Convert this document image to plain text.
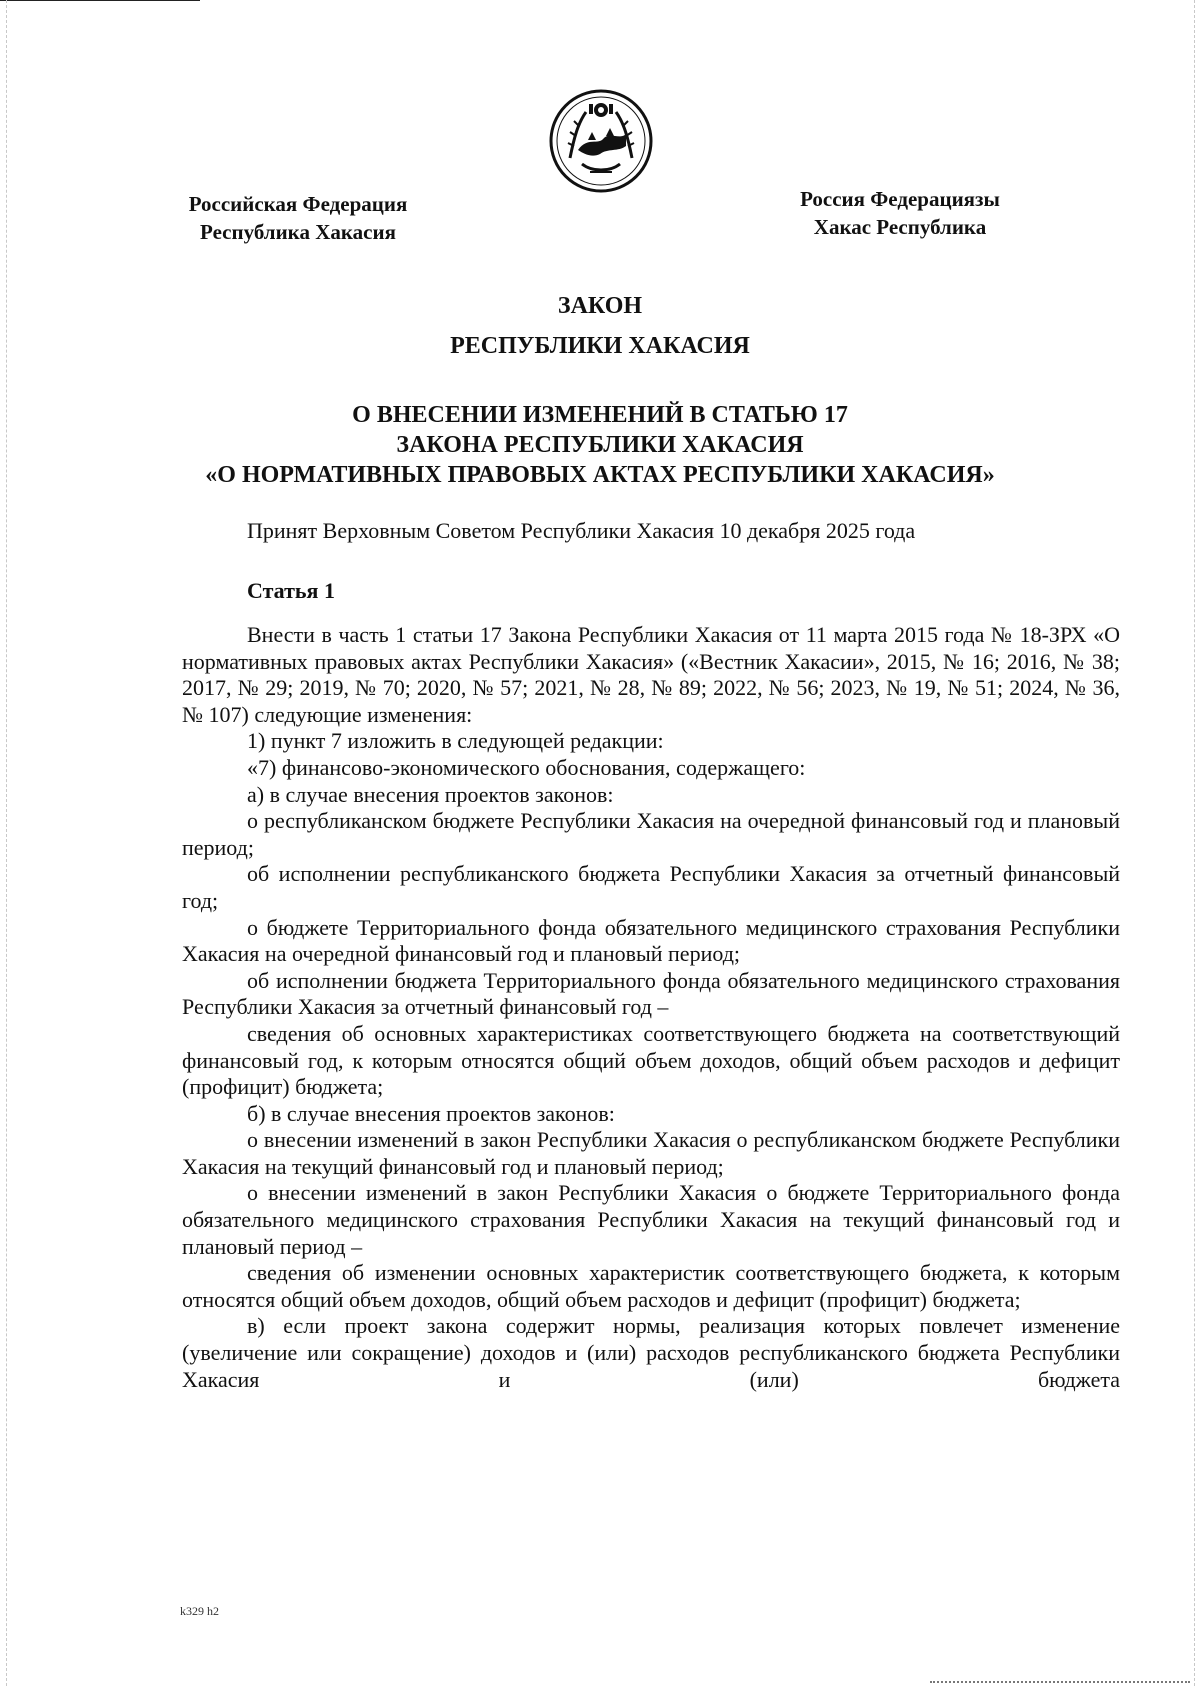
Российская Федерация
Республика Хакасия
Россия Федерациязы
Хакас Республика
ЗАКОН
РЕСПУБЛИКИ ХАКАСИЯ
О ВНЕСЕНИИ ИЗМЕНЕНИЙ В СТАТЬЮ 17
ЗАКОНА РЕСПУБЛИКИ ХАКАСИЯ
«О НОРМАТИВНЫХ ПРАВОВЫХ АКТАХ РЕСПУБЛИКИ ХАКАСИЯ»
Принят Верховным Советом Республики Хакасия 10 декабря 2025 года
Статья 1

Внести в часть 1 статьи 17 Закона Республики Хакасия от 11 марта 2015 года № 18-ЗРХ «О нормативных правовых актах Республики Хакасия» («Вестник Хакасии», 2015, № 16; 2016, № 38; 2017, № 29; 2019, № 70; 2020, № 57; 2021, № 28, № 89; 2022, № 56; 2023, № 19, № 51; 2024, № 36, № 107) следующие изменения:

1) пункт 7 изложить в следующей редакции:

«7) финансово-экономического обоснования, содержащего:

а) в случае внесения проектов законов:

о республиканском бюджете Республики Хакасия на очередной финансовый год и плановый период;

об исполнении республиканского бюджета Республики Хакасия за отчетный финансовый год;

о бюджете Территориального фонда обязательного медицинского страхования Республики Хакасия на очередной финансовый год и плановый период;

об исполнении бюджета Территориального фонда обязательного медицинского страхования Республики Хакасия за отчетный финансовый год –

сведения об основных характеристиках соответствующего бюджета на соответствующий финансовый год, к которым относятся общий объем доходов, общий объем расходов и дефицит (профицит) бюджета;

б) в случае внесения проектов законов:

о внесении изменений в закон Республики Хакасия о республиканском бюджете Республики Хакасия на текущий финансовый год и плановый период;

о внесении изменений в закон Республики Хакасия о бюджете Территориального фонда обязательного медицинского страхования Республики Хакасия на текущий финансовый год и плановый период –

сведения об изменении основных характеристик соответствующего бюджета, к которым относятся общий объем доходов, общий объем расходов и дефицит (профицит) бюджета;

в) если проект закона содержит нормы, реализация которых повлечет изменение (увеличение или сокращение) доходов и (или) расходов республиканского бюджета Республики Хакасия и (или) бюджета

k329 h2
